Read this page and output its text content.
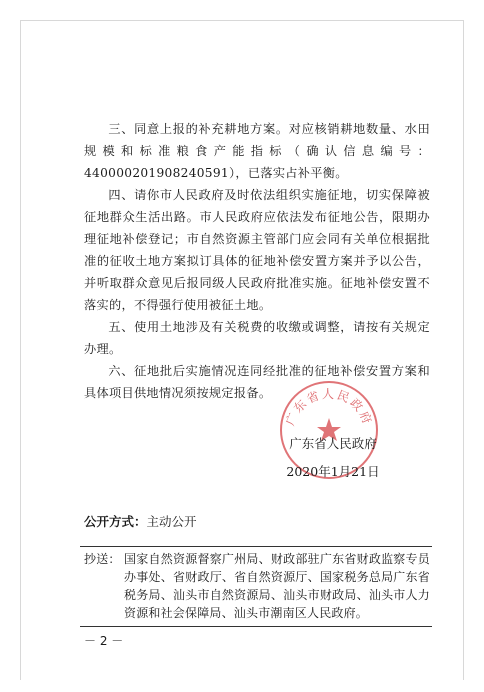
三、同意上报的补充耕地方案。对应核销耕地数量、水田规模和标准粮食产能指标（确认信息编号：440000201908240591），已落实占补平衡。

四、请你市人民政府及时依法组织实施征地，切实保障被征地群众生活出路。市人民政府应依法发布征地公告，限期办理征地补偿登记；市自然资源主管部门应会同有关单位根据批准的征收土地方案拟订具体的征地补偿安置方案并予以公告，并听取群众意见后报同级人民政府批准实施。征地补偿安置不落实的，不得强行使用被征土地。

五、使用土地涉及有关税费的收缴或调整，请按有关规定办理。

六、征地批后实施情况连同经批准的征地补偿安置方案和具体项目供地情况须按规定报备。

广东省人民政府
广东省人民政府
2020年1月21日
公开方式：主动公开
抄送： 国家自然资源督察广州局、财政部驻广东省财政监察专员办事处、省财政厅、省自然资源厅、国家税务总局广东省税务局、汕头市自然资源局、汕头市财政局、汕头市人力资源和社会保障局、汕头市潮南区人民政府。
－ 2 －
